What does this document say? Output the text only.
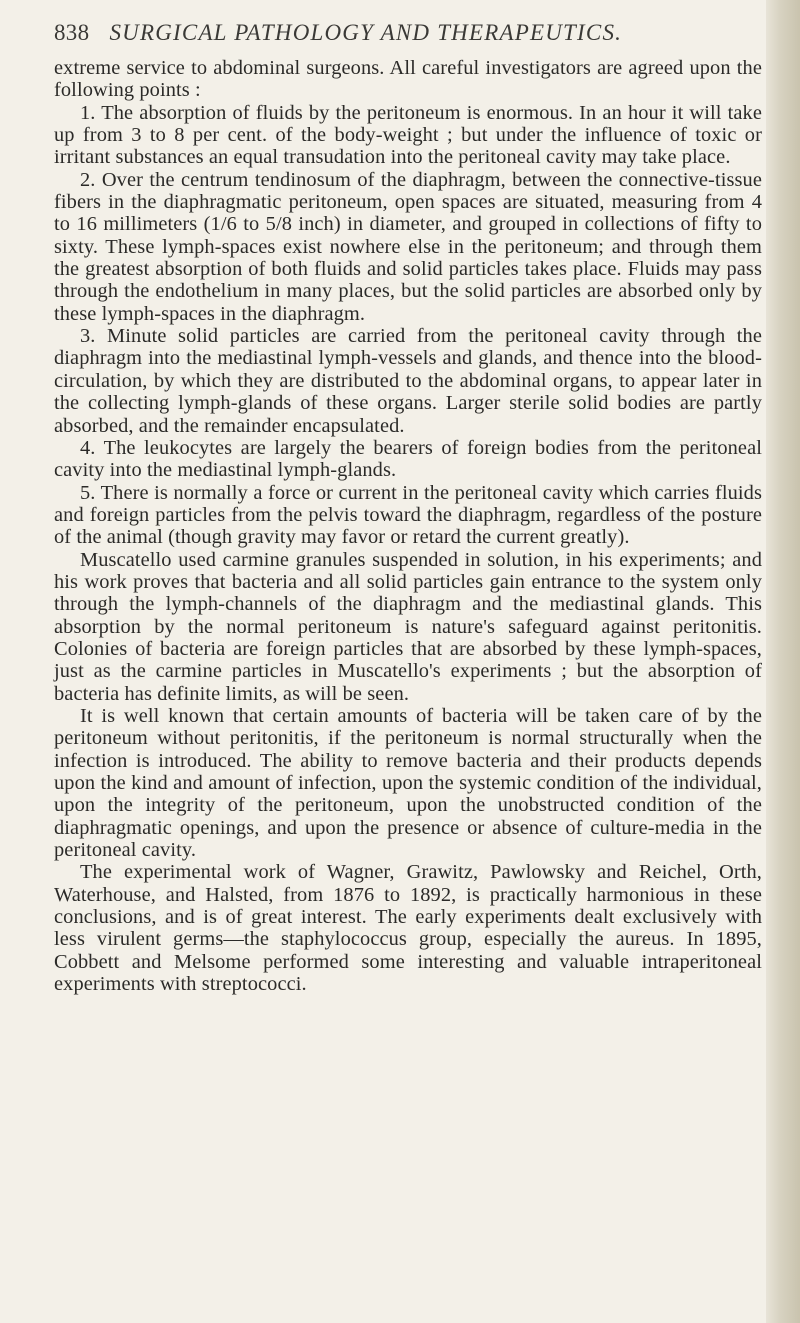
838 SURGICAL PATHOLOGY AND THERAPEUTICS.

extreme service to abdominal surgeons. All careful investigators are agreed upon the following points :

1. The absorption of fluids by the peritoneum is enormous. In an hour it will take up from 3 to 8 per cent. of the body-weight ; but under the influence of toxic or irritant substances an equal transudation into the peritoneal cavity may take place.

2. Over the centrum tendinosum of the diaphragm, between the connective-tissue fibers in the diaphragmatic peritoneum, open spaces are situated, measuring from 4 to 16 millimeters (1/6 to 5/8 inch) in diameter, and grouped in collections of fifty to sixty. These lymph-spaces exist nowhere else in the peritoneum; and through them the greatest absorption of both fluids and solid particles takes place. Fluids may pass through the endothelium in many places, but the solid particles are absorbed only by these lymph-spaces in the diaphragm.

3. Minute solid particles are carried from the peritoneal cavity through the diaphragm into the mediastinal lymph-vessels and glands, and thence into the blood-circulation, by which they are distributed to the abdominal organs, to appear later in the collecting lymph-glands of these organs. Larger sterile solid bodies are partly absorbed, and the remainder encapsulated.

4. The leukocytes are largely the bearers of foreign bodies from the peritoneal cavity into the mediastinal lymph-glands.

5. There is normally a force or current in the peritoneal cavity which carries fluids and foreign particles from the pelvis toward the diaphragm, regardless of the posture of the animal (though gravity may favor or retard the current greatly).

Muscatello used carmine granules suspended in solution, in his experiments; and his work proves that bacteria and all solid particles gain entrance to the system only through the lymph-channels of the diaphragm and the mediastinal glands. This absorption by the normal peritoneum is nature's safeguard against peritonitis. Colonies of bacteria are foreign particles that are absorbed by these lymph-spaces, just as the carmine particles in Muscatello's experiments ; but the absorption of bacteria has definite limits, as will be seen.

It is well known that certain amounts of bacteria will be taken care of by the peritoneum without peritonitis, if the peritoneum is normal structurally when the infection is introduced. The ability to remove bacteria and their products depends upon the kind and amount of infection, upon the systemic condition of the individual, upon the integrity of the peritoneum, upon the unobstructed condition of the diaphragmatic openings, and upon the presence or absence of culture-media in the peritoneal cavity.

The experimental work of Wagner, Grawitz, Pawlowsky and Reichel, Orth, Waterhouse, and Halsted, from 1876 to 1892, is practically harmonious in these conclusions, and is of great interest. The early experiments dealt exclusively with less virulent germs—the staphylococcus group, especially the aureus. In 1895, Cobbett and Melsome performed some interesting and valuable intraperitoneal experiments with streptococci.
